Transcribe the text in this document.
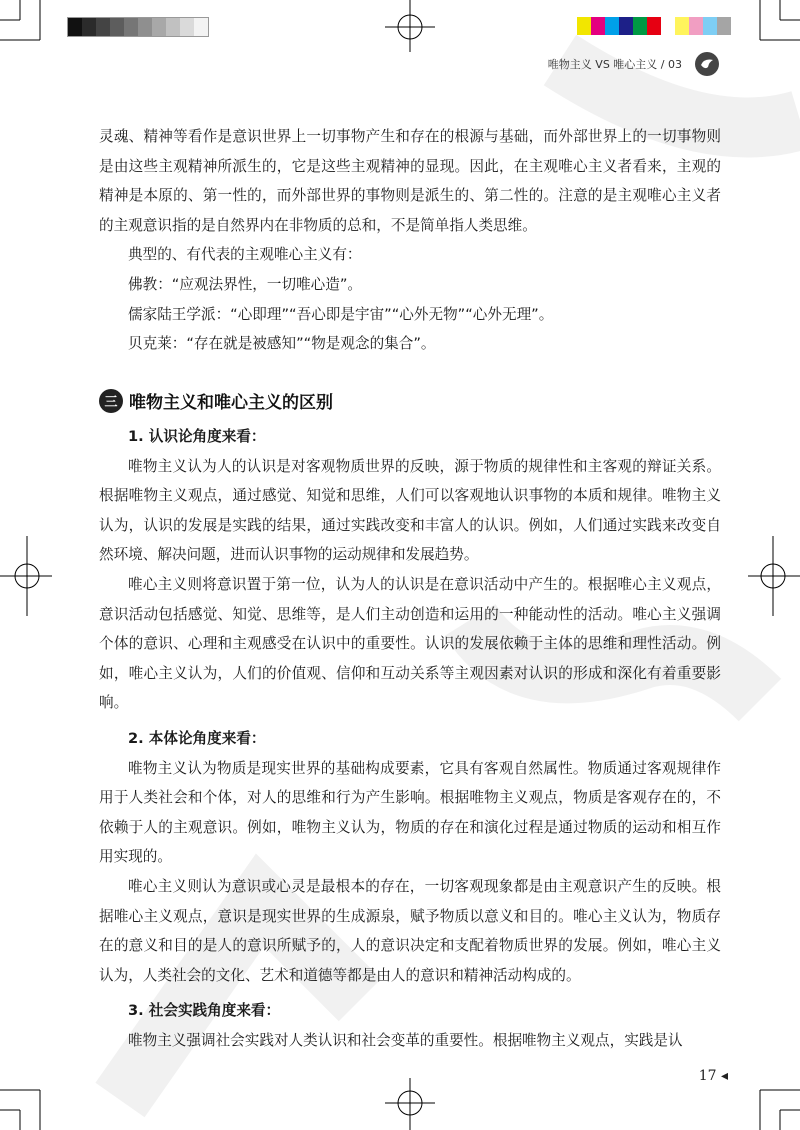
唯物主义 VS 唯心主义 / 03

灵魂、精神等看作是意识世界上一切事物产生和存在的根源与基础，而外部世界上的一切事物则是由这些主观精神所派生的，它是这些主观精神的显现。因此，在主观唯心主义者看来，主观的精神是本原的、第一性的，而外部世界的事物则是派生的、第二性的。注意的是主观唯心主义者的主观意识指的是自然界内在非物质的总和，不是简单指人类思维。

典型的、有代表的主观唯心主义有：

佛教：“应观法界性，一切唯心造”。

儒家陆王学派：“心即理”“吾心即是宇宙”“心外无物”“心外无理”。

贝克莱：“存在就是被感知”“物是观念的集合”。

三 唯物主义和唯心主义的区别

1. 认识论角度来看：

唯物主义认为人的认识是对客观物质世界的反映，源于物质的规律性和主客观的辩证关系。根据唯物主义观点，通过感觉、知觉和思维，人们可以客观地认识事物的本质和规律。唯物主义认为，认识的发展是实践的结果，通过实践改变和丰富人的认识。例如，人们通过实践来改变自然环境、解决问题，进而认识事物的运动规律和发展趋势。

唯心主义则将意识置于第一位，认为人的认识是在意识活动中产生的。根据唯心主义观点，意识活动包括感觉、知觉、思维等，是人们主动创造和运用的一种能动性的活动。唯心主义强调个体的意识、心理和主观感受在认识中的重要性。认识的发展依赖于主体的思维和理性活动。例如，唯心主义认为，人们的价值观、信仰和互动关系等主观因素对认识的形成和深化有着重要影响。

2. 本体论角度来看：

唯物主义认为物质是现实世界的基础构成要素，它具有客观自然属性。物质通过客观规律作用于人类社会和个体，对人的思维和行为产生影响。根据唯物主义观点，物质是客观存在的，不依赖于人的主观意识。例如，唯物主义认为，物质的存在和演化过程是通过物质的运动和相互作用实现的。

唯心主义则认为意识或心灵是最根本的存在，一切客观现象都是由主观意识产生的反映。根据唯心主义观点，意识是现实世界的生成源泉，赋予物质以意义和目的。唯心主义认为，物质存在的意义和目的是人的意识所赋予的，人的意识决定和支配着物质世界的发展。例如，唯心主义认为，人类社会的文化、艺术和道德等都是由人的意识和精神活动构成的。

3. 社会实践角度来看：

唯物主义强调社会实践对人类认识和社会变革的重要性。根据唯物主义观点，实践是认

17 ◂
